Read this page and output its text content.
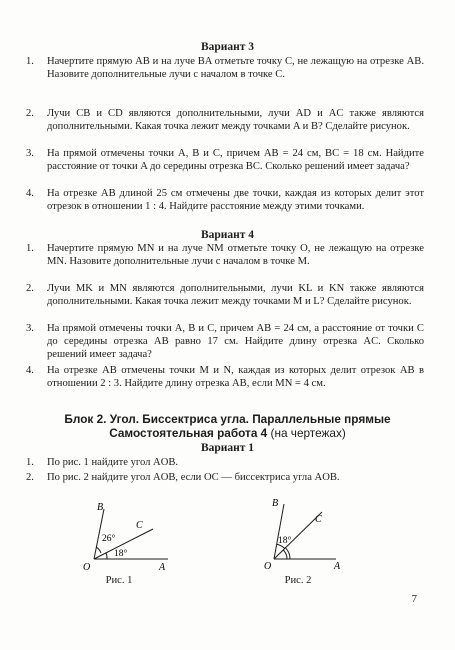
Вариант 3
1.	Начертите прямую AB и на луче BA отметьте точку C, не лежащую на отрезке AB. Назовите дополнительные лучи с началом в точке C.
2.	Лучи CB и CD являются дополнительными, лучи AD и AC также являются дополнительными. Какая точка лежит между точками A и B? Сделайте рисунок.
3.	На прямой отмечены точки A, B и C, причем AB = 24 см, BC = 18 см. Найдите расстояние от точки A до середины отрезка BC. Сколько решений имеет задача?
4.	На отрезке AB длиной 25 см отмечены две точки, каждая из которых делит этот отрезок в отношении 1 : 4. Найдите расстояние между этими точками.
Вариант 4
1.	Начертите прямую MN и на луче NM отметьте точку O, не лежащую на отрезке MN. Назовите дополнительные лучи с началом в точке M.
2.	Лучи MK и MN являются дополнительными, лучи KL и KN также являются дополнительными. Какая точка лежит между точками M и L? Сделайте рисунок.
3.	На прямой отмечены точки A, B и C, причем AB = 24 см, а расстояние от точки C до середины отрезка AB равно 17 см. Найдите длину отрезка AC. Сколько решений имеет задача?
4.	На отрезке AB отмечены точки M и N, каждая из которых делит отрезок AB в отношении 2 : 3. Найдите длину отрезка AB, если MN = 4 см.
Блок 2. Угол. Биссектриса угла. Параллельные прямые
Самостоятельная работа 4 (на чертежах)
Вариант 1
1.	По рис. 1 найдите угол AOB.
2.	По рис. 2 найдите угол AOB, если OC — биссектриса угла AOB.
B
C
O	A
26°
18°
Рис. 1
B
C
O	A
18°
Рис. 2
7
